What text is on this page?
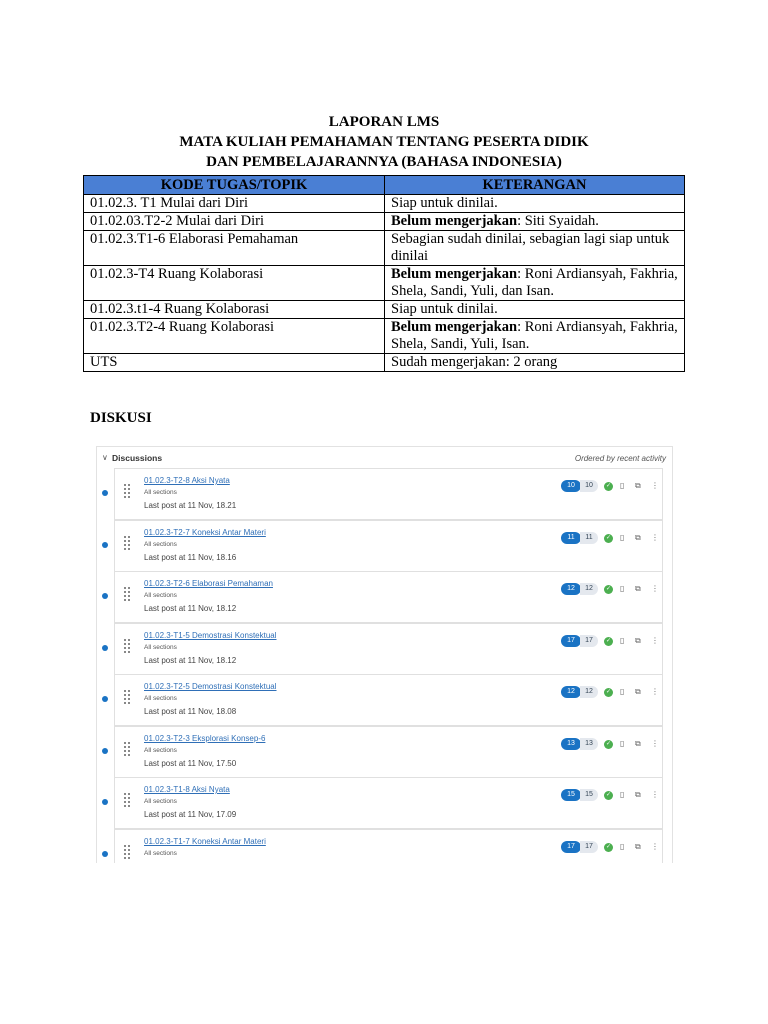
LAPORAN LMS
MATA KULIAH PEMAHAMAN TENTANG PESERTA DIDIK
DAN PEMBELAJARANNYA (BAHASA INDONESIA)
KODE TUGAS/TOPIK	KETERANGAN
01.02.3. T1 Mulai dari Diri	Siap untuk dinilai.
01.02.03.T2-2 Mulai dari Diri	Belum mengerjakan: Siti Syaidah.
01.02.3.T1-6 Elaborasi Pemahaman	Sebagian sudah dinilai, sebagian lagi siap untuk dinilai
01.02.3-T4 Ruang Kolaborasi	Belum mengerjakan: Roni Ardiansyah, Fakhria, Shela, Sandi, Yuli, dan Isan.
01.02.3.t1-4 Ruang Kolaborasi	Siap untuk dinilai.
01.02.3.T2-4 Ruang Kolaborasi	Belum mengerjakan: Roni Ardiansyah, Fakhria, Shela, Sandi, Yuli, Isan.
UTS	Sudah mengerjakan: 2 orang
DISKUSI
∨ Discussions	Ordered by recent activity
01.02.3-T2-8 Aksi Nyata
All sections
Last post at 11 Nov, 18.21
10	10	✓ ▯ ⧉ ⋮
01.02.3-T2-7 Koneksi Antar Materi
All sections
Last post at 11 Nov, 18.16
11	11	✓ ▯ ⧉ ⋮
01.02.3-T2-6 Elaborasi Pemahaman
All sections
Last post at 11 Nov, 18.12
12	12	✓ ▯ ⧉ ⋮
01.02.3-T1-5 Demostrasi Konstektual
All sections
Last post at 11 Nov, 18.12
17	17	✓ ▯ ⧉ ⋮
01.02.3-T2-5 Demostrasi Konstektual
All sections
Last post at 11 Nov, 18.08
12	12	✓ ▯ ⧉ ⋮
01.02.3-T2-3 Eksplorasi Konsep-6
All sections
Last post at 11 Nov, 17.50
13	13	✓ ▯ ⧉ ⋮
01.02.3-T1-8 Aksi Nyata
All sections
Last post at 11 Nov, 17.09
15	15	✓ ▯ ⧉ ⋮
01.02.3-T1-7 Koneksi Antar Materi
All sections
17	17	✓ ▯ ⧉ ⋮
